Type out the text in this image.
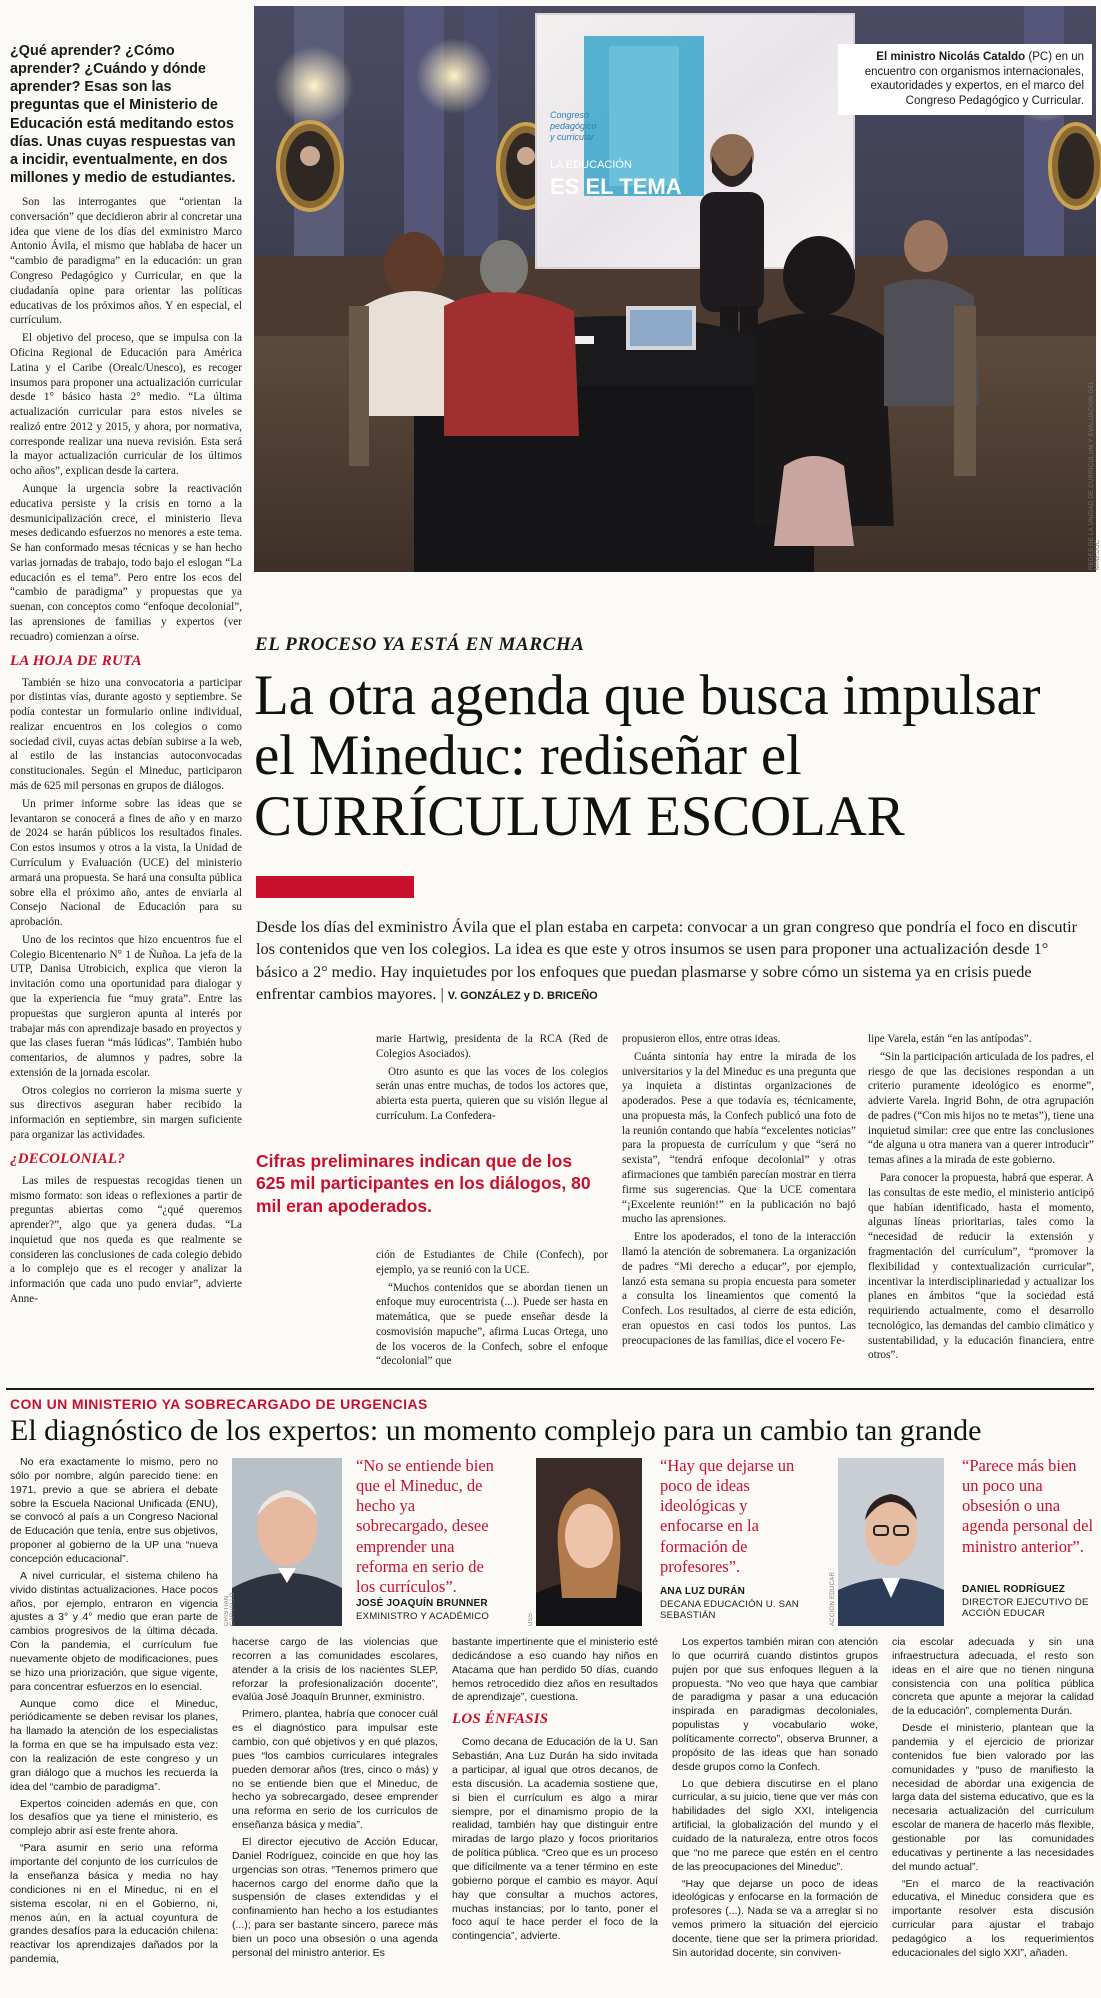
Congreso
pedagógico
y curricular
LA EDUCACIÓN
ES EL TEMA
El ministro Nicolás Cataldo (PC) en un encuentro con organismos internacionales, exautoridades y expertos, en el marco del Congreso Pedagógico y Curricular.
REDES DE LA UNIDAD DE CURRÍCULUM Y EVALUACIÓN DEL MINEDUC

¿Qué aprender? ¿Cómo aprender? ¿Cuándo y dónde aprender? Esas son las preguntas que el Ministerio de Educación está meditando estos días. Unas cuyas respuestas van a incidir, eventualmente, en dos millones y medio de estudiantes.

Son las interrogantes que “orientan la conversación” que decidieron abrir al concretar una idea que viene de los días del exministro Marco Antonio Ávila, el mismo que hablaba de hacer un “cambio de paradigma” en la educación: un gran Congreso Pedagógico y Curricular, en que la ciudadanía opine para orientar las políticas educativas de los próximos años. Y en especial, el currículum.

El objetivo del proceso, que se impulsa con la Oficina Regional de Educación para América Latina y el Caribe (Orealc/Unesco), es recoger insumos para proponer una actualización curricular desde 1° básico hasta 2° medio. “La última actualización curricular para estos niveles se realizó entre 2012 y 2015, y ahora, por normativa, corresponde realizar una nueva revisión. Esta será la mayor actualización curricular de los últimos ocho años”, explican desde la cartera.

Aunque la urgencia sobre la reactivación educativa persiste y la crisis en torno a la desmunicipalización crece, el ministerio lleva meses dedicando esfuerzos no menores a este tema. Se han conformado mesas técnicas y se han hecho varias jornadas de trabajo, todo bajo el eslogan “La educación es el tema”. Pero entre los ecos del “cambio de paradigma” y propuestas que ya suenan, con conceptos como “enfoque decolonial”, las aprensiones de familias y expertos (ver recuadro) comienzan a oírse.

LA HOJA DE RUTA

También se hizo una convocatoria a participar por distintas vías, durante agosto y septiembre. Se podía contestar un formulario online individual, realizar encuentros en los colegios o como sociedad civil, cuyas actas debían subirse a la web, al estilo de las instancias autoconvocadas constitucionales. Según el Mineduc, participaron más de 625 mil personas en grupos de diálogos.

Un primer informe sobre las ideas que se levantaron se conocerá a fines de año y en marzo de 2024 se harán públicos los resultados finales. Con estos insumos y otros a la vista, la Unidad de Currículum y Evaluación (UCE) del ministerio armará una propuesta. Se hará una consulta pública sobre ella el próximo año, antes de enviarla al Consejo Nacional de Educación para su aprobación.

Uno de los recintos que hizo encuentros fue el Colegio Bicentenario N° 1 de Ñuñoa. La jefa de la UTP, Danisa Utrobicich, explica que vieron la invitación como una oportunidad para dialogar y que la experiencia fue “muy grata”. Entre las propuestas que surgieron apunta al interés por trabajar más con aprendizaje basado en proyectos y que las clases fueran “más lúdicas”. También hubo comentarios, de alumnos y padres, sobre la extensión de la jornada escolar.

Otros colegios no corrieron la misma suerte y sus directivos aseguran haber recibido la información en septiembre, sin margen suficiente para organizar las actividades.

¿DECOLONIAL?

Las miles de respuestas recogidas tienen un mismo formato: son ideas o reflexiones a partir de preguntas abiertas como “¿qué queremos aprender?”, algo que ya genera dudas. “La inquietud que nos queda es que realmente se consideren las conclusiones de cada colegio debido a lo complejo que es el recoger y analizar la información que cada uno pudo enviar”, advierte Anne-

EL PROCESO YA ESTÁ EN MARCHA
La otra agenda que busca impulsar el Mineduc: rediseñar el CURRÍCULUM ESCOLAR
Desde los días del exministro Ávila que el plan estaba en carpeta: convocar a un gran congreso que pondría el foco en discutir los contenidos que ven los colegios. La idea es que este y otros insumos se usen para proponer una actualización desde 1° básico a 2° medio. Hay inquietudes por los enfoques que puedan plasmarse y sobre cómo un sistema ya en crisis puede enfrentar cambios mayores. | V. GONZÁLEZ y D. BRICEÑO

marie Hartwig, presidenta de la RCA (Red de Colegios Asociados).

Otro asunto es que las voces de los colegios serán unas entre muchas, de todos los actores que, abierta esta puerta, quieren que su visión llegue al currículum. La Confedera-

Cifras preliminares indican que de los 625 mil participantes en los diálogos, 80 mil eran apoderados.

ción de Estudiantes de Chile (Confech), por ejemplo, ya se reunió con la UCE.

“Muchos contenidos que se abordan tienen un enfoque muy eurocentrista (...). Puede ser hasta en matemática, que se puede enseñar desde la cosmovisión mapuche”, afirma Lucas Ortega, uno de los voceros de la Confech, sobre el enfoque “decolonial” que

propusieron ellos, entre otras ideas.

Cuánta sintonía hay entre la mirada de los universitarios y la del Mineduc es una pregunta que ya inquieta a distintas organizaciones de apoderados. Pese a que todavía es, técnicamente, una propuesta más, la Confech publicó una foto de la reunión contando que había “excelentes noticias” para la propuesta de currículum y que “será no sexista”, “tendrá enfoque decolonial” y otras afirmaciones que también parecían mostrar en tierra firme sus sugerencias. Que la UCE comentara “¡Excelente reunión!” en la publicación no bajó mucho las aprensiones.

Entre los apoderados, el tono de la interacción llamó la atención de sobremanera. La organización de padres “Mi derecho a educar”, por ejemplo, lanzó esta semana su propia encuesta para someter a consulta los lineamientos que comentó la Confech. Los resultados, al cierre de esta edición, eran opuestos en casi todos los puntos. Las preocupaciones de las familias, dice el vocero Fe-

lipe Varela, están “en las antípodas”.

“Sin la participación articulada de los padres, el riesgo de que las decisiones respondan a un criterio puramente ideológico es enorme”, advierte Varela. Ingrid Bohn, de otra agrupación de padres (“Con mis hijos no te metas”), tiene una inquietud similar: cree que entre las conclusiones “de alguna u otra manera van a querer introducir” temas afines a la mirada de este gobierno.

Para conocer la propuesta, habrá que esperar. A las consultas de este medio, el ministerio anticipó que habían identificado, hasta el momento, algunas líneas prioritarias, tales como la “necesidad de reducir la extensión y fragmentación del currículum”, “promover la flexibilidad y contextualización curricular”, incentivar la interdisciplinariedad y actualizar los planes en ámbitos “que la sociedad está requiriendo actualmente, como el desarrollo tecnológico, las demandas del cambio climático y sustentabilidad, y la educación financiera, entre otros”.

CON UN MINISTERIO YA SOBRECARGADO DE URGENCIAS
El diagnóstico de los expertos: un momento complejo para un cambio tan grande
CRISTIAN CARVALLO
“No se entiende bien que el Mineduc, de hecho ya sobrecargado, desee emprender una reforma en serio de los currículos”.
JOSÉ JOAQUÍN BRUNNER
EXMINISTRO Y ACADÉMICO	USS
“Hay que dejarse un poco de ideas ideológicas y enfocarse en la formación de profesores”.
ANA LUZ DURÁN
DECANA EDUCACIÓN U. SAN SEBASTIÁN	ACCIÓN EDUCAR
“Parece más bien un poco una obsesión o una agenda personal del ministro anterior”.
DANIEL RODRÍGUEZ
DIRECTOR EJECUTIVO DE ACCIÓN EDUCAR

No era exactamente lo mismo, pero no sólo por nombre, algún parecido tiene: en 1971, previo a que se abriera el debate sobre la Escuela Nacional Unificada (ENU), se convocó al país a un Congreso Nacional de Educación que tenía, entre sus objetivos, proponer al gobierno de la UP una “nueva concepción educacional”.

A nivel curricular, el sistema chileno ha vivido distintas actualizaciones. Hace pocos años, por ejemplo, entraron en vigencia ajustes a 3° y 4° medio que eran parte de cambios progresivos de la última década. Con la pandemia, el currículum fue nuevamente objeto de modificaciones, pues se hizo una priorización, que sigue vigente, para concentrar esfuerzos en lo esencial.

Aunque como dice el Mineduc, periódicamente se deben revisar los planes, ha llamado la atención de los especialistas la forma en que se ha impulsado esta vez: con la realización de este congreso y un gran diálogo que a muchos les recuerda la idea del “cambio de paradigma”.

Expertos coinciden además en que, con los desafíos que ya tiene el ministerio, es complejo abrir así este frente ahora.

“Para asumir en serio una reforma importante del conjunto de los currículos de la enseñanza básica y media no hay condiciones ni en el Mineduc, ni en el sistema escolar, ni en el Gobierno, ni, menos aún, en la actual coyuntura de grandes desafíos para la educación chilena: reactivar los aprendizajes dañados por la pandemia,

hacerse cargo de las violencias que recorren a las comunidades escolares, atender a la crisis de los nacientes SLEP, reforzar la profesionalización docente”, evalúa José Joaquín Brunner, exministro.

Primero, plantea, habría que conocer cuál es el diagnóstico para impulsar este cambio, con qué objetivos y en qué plazos, pues “los cambios curriculares integrales pueden demorar años (tres, cinco o más) y no se entiende bien que el Mineduc, de hecho ya sobrecargado, desee emprender una reforma en serio de los currículos de enseñanza básica y media”.

El director ejecutivo de Acción Educar, Daniel Rodríguez, coincide en que hoy las urgencias son otras. “Tenemos primero que hacernos cargo del enorme daño que la suspensión de clases extendidas y el confinamiento han hecho a los estudiantes (...); para ser bastante sincero, parece más bien un poco una obsesión o una agenda personal del ministro anterior. Es

bastante impertinente que el ministerio esté dedicándose a eso cuando hay niños en Atacama que han perdido 50 días, cuando hemos retrocedido diez años en resultados de aprendizaje”, cuestiona.

LOS ÉNFASIS

Como decana de Educación de la U. San Sebastián, Ana Luz Durán ha sido invitada a participar, al igual que otros decanos, de esta discusión. La academia sostiene que, si bien el currículum es algo a mirar siempre, por el dinamismo propio de la realidad, también hay que distinguir entre miradas de largo plazo y focos prioritarios de política pública. “Creo que es un proceso que difícilmente va a tener término en este gobierno porque el cambio es mayor. Aquí hay que consultar a muchos actores, muchas instancias; por lo tanto, poner el foco aquí te hace perder el foco de la contingencia”, advierte.

Los expertos también miran con atención lo que ocurrirá cuando distintos grupos pujen por que sus enfoques lleguen a la propuesta. “No veo que haya que cambiar de paradigma y pasar a una educación inspirada en paradigmas decoloniales, populistas y vocabulario woke, políticamente correcto”, observa Brunner, a propósito de las ideas que han sonado desde grupos como la Confech.

Lo que debiera discutirse en el plano curricular, a su juicio, tiene que ver más con habilidades del siglo XXI, inteligencia artificial, la globalización del mundo y el cuidado de la naturaleza, entre otros focos que “no me parece que estén en el centro de las preocupaciones del Mineduc”.

“Hay que dejarse un poco de ideas ideológicas y enfocarse en la formación de profesores (...). Nada se va a arreglar si no vemos primero la situación del ejercicio docente, tiene que ser la primera prioridad. Sin autoridad docente, sin conviven-

cia escolar adecuada y sin una infraestructura adecuada, el resto son ideas en el aire que no tienen ninguna consistencia con una política pública concreta que apunte a mejorar la calidad de la educación”, complementa Durán.

Desde el ministerio, plantean que la pandemia y el ejercicio de priorizar contenidos fue bien valorado por las comunidades y “puso de manifiesto la necesidad de abordar una exigencia de larga data del sistema educativo, que es la necesaria actualización del currículum escolar de manera de hacerlo más flexible, gestionable por las comunidades educativas y pertinente a las necesidades del mundo actual”.

“En el marco de la reactivación educativa, el Mineduc considera que es importante resolver esta discusión curricular para ajustar el trabajo pedagógico a los requerimientos educacionales del siglo XXI”, añaden.
